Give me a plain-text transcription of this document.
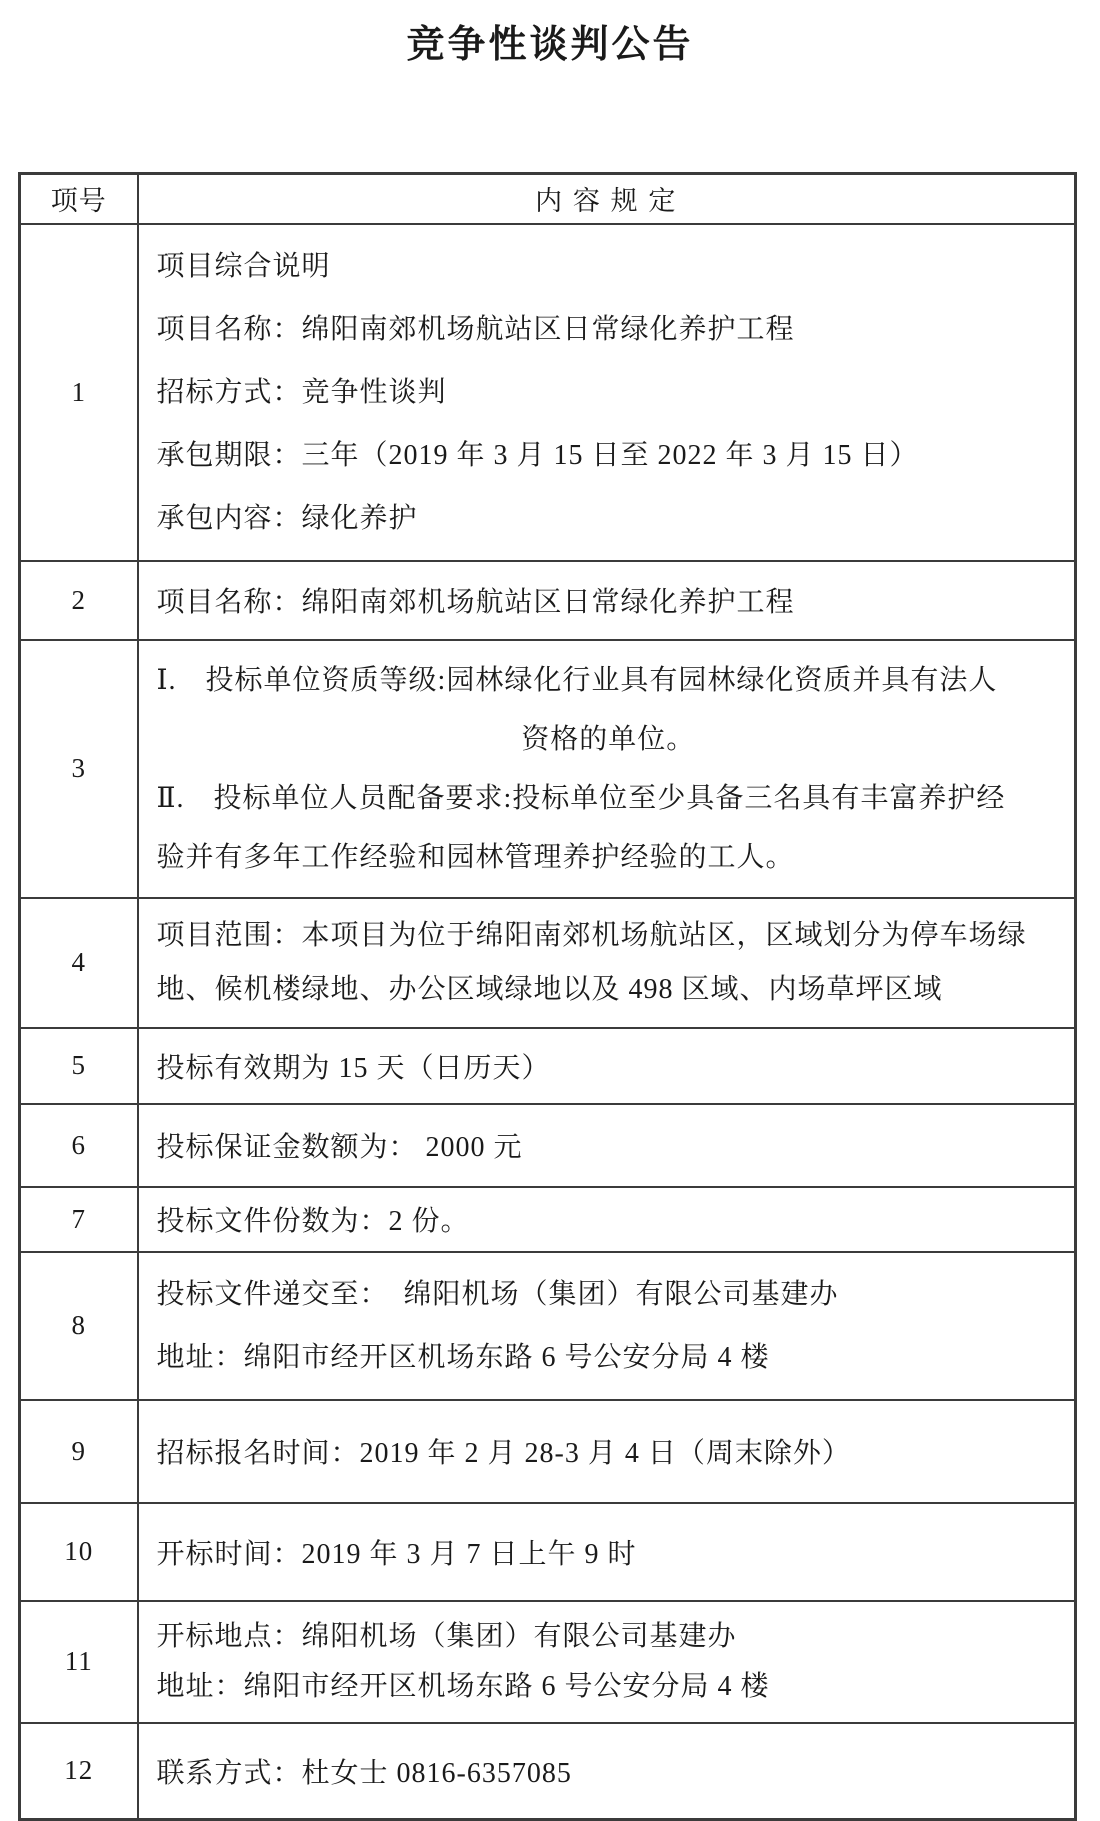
竞争性谈判公告
项号	内 容 规 定
1	项目综合说明
项目名称：绵阳南郊机场航站区日常绿化养护工程
招标方式：竞争性谈判
承包期限：三年（2019 年 3 月 15 日至 2022 年 3 月 15 日）
承包内容：绿化养护

2	项目名称：绵阳南郊机场航站区日常绿化养护工程

3	Ⅰ.　投标单位资质等级:园林绿化行业具有园林绿化资质并具有法人
资格的单位。
Ⅱ.　投标单位人员配备要求:投标单位至少具备三名具有丰富养护经
验并有多年工作经验和园林管理养护经验的工人。

4	项目范围：本项目为位于绵阳南郊机场航站区，区域划分为停车场绿
地、候机楼绿地、办公区域绿地以及 498 区域、内场草坪区域

5	投标有效期为 15 天（日历天）

6	投标保证金数额为： 2000 元

7	投标文件份数为：2 份。

8	投标文件递交至：　绵阳机场（集团）有限公司基建办
地址：绵阳市经开区机场东路 6 号公安分局 4 楼

9	招标报名时间：2019 年 2 月 28-3 月 4 日（周末除外）

10	开标时间：2019 年 3 月 7 日上午 9 时

11	开标地点：绵阳机场（集团）有限公司基建办
地址：绵阳市经开区机场东路 6 号公安分局 4 楼

12	联系方式：杜女士 0816-6357085
